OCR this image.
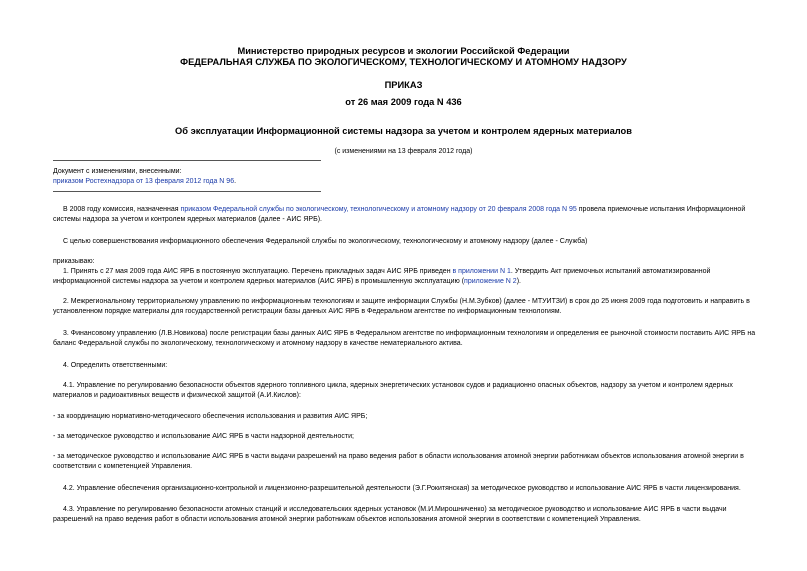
Министерство природных ресурсов и экологии Российской Федерации
ФЕДЕРАЛЬНАЯ СЛУЖБА ПО ЭКОЛОГИЧЕСКОМУ, ТЕХНОЛОГИЧЕСКОМУ И АТОМНОМУ НАДЗОРУ
ПРИКАЗ
от 26 мая 2009 года N 436
Об эксплуатации Информационной системы надзора за учетом и контролем ядерных материалов
(с изменениями на 13 февраля 2012 года)
Документ с изменениями, внесенными:
приказом Ростехнадзора от 13 февраля 2012 года N 96.
В 2008 году комиссия, назначенная приказом Федеральной службы по экологическому, технологическому и атомному надзору от 20 февраля 2008 года N 95 провела приемочные испытания Информационной
системы надзора за учетом и контролем ядерных материалов (далее - АИС ЯРБ).
С целью совершенствования информационного обеспечения Федеральной службы по экологическому, технологическому и атомному надзору (далее - Служба)
приказываю:
1. Принять с 27 мая 2009 года АИС ЯРБ в постоянную эксплуатацию. Перечень прикладных задач АИС ЯРБ приведен в приложении N 1. Утвердить Акт приемочных испытаний автоматизированной
информационной системы надзора за учетом и контролем ядерных материалов (АИС ЯРБ) в промышленную эксплуатацию (приложение N 2).
2. Межрегиональному территориальному управлению по информационным технологиям и защите информации Службы (Н.М.Зубков) (далее - МТУИТЗИ) в срок до 25 июня 2009 года подготовить и направить в
установленном порядке материалы для государственной регистрации базы данных АИС ЯРБ в Федеральном агентстве по информационным технологиям.
3. Финансовому управлению (Л.В.Новикова) после регистрации базы данных АИС ЯРБ в Федеральном агентстве по информационным технологиям и определения ее рыночной стоимости поставить АИС ЯРБ на
баланс Федеральной службы по экологическому, технологическому и атомному надзору в качестве нематериального актива.
4. Определить ответственными:
4.1. Управление по регулированию безопасности объектов ядерного топливного цикла, ядерных энергетических установок судов и радиационно опасных объектов, надзору за учетом и контролем ядерных
материалов и радиоактивных веществ и физической защитой (А.И.Кислов):
- за координацию нормативно-методического обеспечения использования и развития АИС ЯРБ;
- за методическое руководство и использование АИС ЯРБ в части надзорной деятельности;
- за методическое руководство и использование АИС ЯРБ в части выдачи разрешений на право ведения работ в области использования атомной энергии работникам объектов использования атомной энергии в
соответствии с компетенцией Управления.
4.2. Управление обеспечения организационно-контрольной и лицензионно-разрешительной деятельности (Э.Г.Рокитянская) за методическое руководство и использование АИС ЯРБ в части лицензирования.
4.3. Управление по регулированию безопасности атомных станций и исследовательских ядерных установок (М.И.Мирошниченко) за методическое руководство и использование АИС ЯРБ в части выдачи
разрешений на право ведения работ в области использования атомной энергии работникам объектов использования атомной энергии в соответствии с компетенцией Управления.
